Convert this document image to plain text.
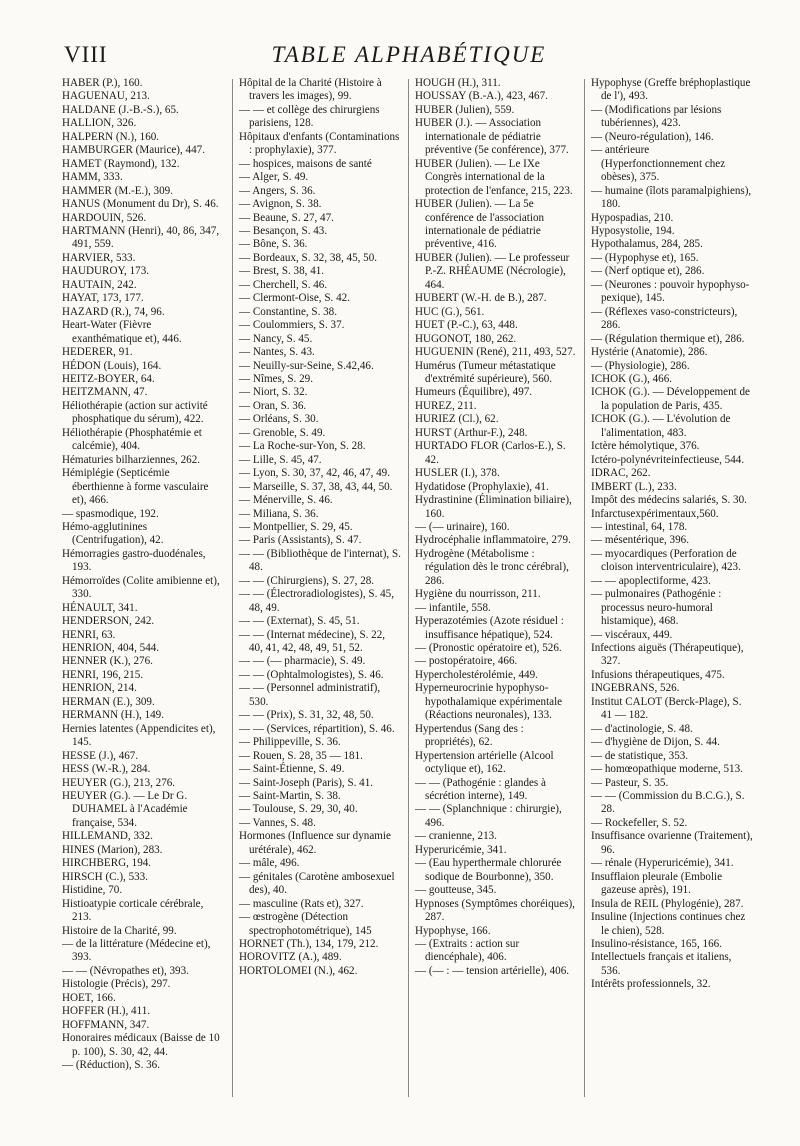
VIII	TABLE ALPHABÉTIQUE

HABER (P.), 160.

HAGUENAU, 213.

HALDANE (J.-B.-S.), 65.

HALLION, 326.

HALPERN (N.), 160.

HAMBURGER (Maurice), 447.

HAMET (Raymond), 132.

HAMM, 333.

HAMMER (M.-E.), 309.

HANUS (Monument du Dr), S. 46.

HARDOUIN, 526.

HARTMANN (Henri), 40, 86, 347, 491, 559.

HARVIER, 533.

HAUDUROY, 173.

HAUTAIN, 242.

HAYAT, 173, 177.

HAZARD (R.), 74, 96.

Heart-Water (Fièvre exanthématique et), 446.

HEDERER, 91.

HÉDON (Louis), 164.

HEITZ-BOYER, 64.

HEITZMANN, 47.

Héliothérapie (action sur activité phosphatique du sérum), 422.

Héliothérapie (Phosphatémie et calcémie), 404.

Hématuries bilharziennes, 262.

Hémiplégie (Septicémie éberthienne à forme vasculaire et), 466.

— spasmodique, 192.

Hémo-agglutinines (Centrifugation), 42.

Hémorragies gastro-duodénales, 193.

Hémorroïdes (Colite amibienne et), 330.

HÉNAULT, 341.

HENDERSON, 242.

HENRI, 63.

HENRION, 404, 544.

HENNER (K.), 276.

HENRI, 196, 215.

HENRION, 214.

HERMAN (E.), 309.

HERMANN (H.), 149.

Hernies latentes (Appendicites et), 145.

HESSE (J.), 467.

HESS (W.-R.), 284.

HEUYER (G.), 213, 276.

HEUYER (G.). — Le Dr G. DUHAMEL à l'Académie française, 534.

HILLEMAND, 332.

HINES (Marion), 283.

HIRCHBERG, 194.

HIRSCH (C.), 533.

Histidine, 70.

Histioatypie corticale cérébrale, 213.

Histoire de la Charité, 99.

— de la littérature (Médecine et), 393.

— — (Névropathes et), 393.

Histologie (Précis), 297.

HOET, 166.

HOFFER (H.), 411.

HOFFMANN, 347.

Honoraires médicaux (Baisse de 10 p. 100), S. 30, 42, 44.

— (Réduction), S. 36.

Hôpital de la Charité (Histoire à travers les images), 99.

— — et collège des chirurgiens parisiens, 128.

Hôpitaux d'enfants (Contaminations : prophylaxie), 377.

— hospices, maisons de santé

— Alger, S. 49.

— Angers, S. 36.

— Avignon, S. 38.

— Beaune, S. 27, 47.

— Besançon, S. 43.

— Bône, S. 36.

— Bordeaux, S. 32, 38, 45, 50.

— Brest, S. 38, 41.

— Cherchell, S. 46.

— Clermont-Oise, S. 42.

— Constantine, S. 38.

— Coulommiers, S. 37.

— Nancy, S. 45.

— Nantes, S. 43.

— Neuilly-sur-Seine, S.42,46.

— Nîmes, S. 29.

— Niort, S. 32.

— Oran, S. 36.

— Orléans, S. 30.

— Grenoble, S. 49.

— La Roche-sur-Yon, S. 28.

— Lille, S. 45, 47.

— Lyon, S. 30, 37, 42, 46, 47, 49.

— Marseille, S. 37, 38, 43, 44, 50.

— Ménerville, S. 46.

— Miliana, S. 36.

— Montpellier, S. 29, 45.

— Paris (Assistants), S. 47.

— — (Bibliothèque de l'internat), S. 48.

— — (Chirurgiens), S. 27, 28.

— — (Électroradiologistes), S. 45, 48, 49.

— — (Externat), S. 45, 51.

— — (Internat médecine), S. 22, 40, 41, 42, 48, 49, 51, 52.

— — (— pharmacie), S. 49.

— — (Ophtalmologistes), S. 46.

— — (Personnel administratif), 530.

— — (Prix), S. 31, 32, 48, 50.

— — (Services, répartition), S. 46.

— Philippeville, S. 36.

— Rouen, S. 28, 35 — 181.

— Saint-Étienne, S. 49.

— Saint-Joseph (Paris), S. 41.

— Saint-Martin, S. 38.

— Toulouse, S. 29, 30, 40.

— Vannes, S. 48.

Hormones (Influence sur dynamie urétérale), 462.

— mâle, 496.

— génitales (Carotène ambosexuel des), 40.

— masculine (Rats et), 327.

— œstrogène (Détection spectrophotométrique), 145

HORNET (Th.), 134, 179, 212.

HOROVITZ (A.), 489.

HORTOLOMEI (N.), 462.

HOUGH (H.), 311.

HOUSSAY (B.-A.), 423, 467.

HUBER (Julien), 559.

HUBER (J.). — Association internationale de pédiatrie préventive (5e conférence), 377.

HUBER (Julien). — Le IXe Congrès international de la protection de l'enfance, 215, 223.

HUBER (Julien). — La 5e conférence de l'association internationale de pédiatrie préventive, 416.

HUBER (Julien). — Le professeur P.-Z. RHÉAUME (Nécrologie), 464.

HUBERT (W.-H. de B.), 287.

HUC (G.), 561.

HUET (P.-C.), 63, 448.

HUGONOT, 180, 262.

HUGUENIN (René), 211, 493, 527.

Humérus (Tumeur métastatique d'extrémité supérieure), 560.

Humeurs (Équilibre), 497.

HUREZ, 211.

HURIEZ (Cl.), 62.

HURST (Arthur-F.), 248.

HURTADO FLOR (Carlos-E.), S. 42.

HUSLER (I.), 378.

Hydatidose (Prophylaxie), 41.

Hydrastinine (Élimination biliaire), 160.

— (— urinaire), 160.

Hydrocéphalie inflammatoire, 279.

Hydrogène (Métabolisme : régulation dès le tronc cérébral), 286.

Hygiène du nourrisson, 211.

— infantile, 558.

Hyperazotémies (Azote résiduel : insuffisance hépatique), 524.

— (Pronostic opératoire et), 526.

— postopératoire, 466.

Hypercholestérolémie, 449.

Hyperneurocrinie hypophyso-hypothalamique expérimentale (Réactions neuronales), 133.

Hypertendus (Sang des : propriétés), 62.

Hypertension artérielle (Alcool octylique et), 162.

— — (Pathogénie : glandes à sécrétion interne), 149.

— — (Splanchnique : chirurgie), 496.

— cranienne, 213.

Hyperuricémie, 341.

— (Eau hyperthermale chlorurée sodique de Bourbonne), 350.

— goutteuse, 345.

Hypnoses (Symptômes choréiques), 287.

Hypophyse, 166.

— (Extraits : action sur diencéphale), 406.

— (— : — tension artérielle), 406.

Hypophyse (Greffe bréphoplastique de l'), 493.

— (Modifications par lésions tubériennes), 423.

— (Neuro-régulation), 146.

— antérieure (Hyperfonctionnement chez obèses), 375.

— humaine (îlots paramalpighiens), 180.

Hypospadias, 210.

Hyposystolie, 194.

Hypothalamus, 284, 285.

— (Hypophyse et), 165.

— (Nerf optique et), 286.

— (Neurones : pouvoir hypophyso-pexique), 145.

— (Réflexes vaso-constricteurs), 286.

— (Régulation thermique et), 286.

Hystérie (Anatomie), 286.

— (Physiologie), 286.

ICHOK (G.), 466.

ICHOK (G.). — Développement de la population de Paris, 435.

ICHOK (G.). — L'évolution de l'alimentation, 483.

Ictère hémolytique, 376.

Ictéro-polynévriteinfectieuse, 544.

IDRAC, 262.

IMBERT (L.), 233.

Impôt des médecins salariés, S. 30.

Infarctusexpérimentaux,560.

— intestinal, 64, 178.

— mésentérique, 396.

— myocardiques (Perforation de cloison interventriculaire), 423.

— — apoplectiforme, 423.

— pulmonaires (Pathogénie : processus neuro-humoral histamique), 468.

— viscéraux, 449.

Infections aiguës (Thérapeutique), 327.

Infusions thérapeutiques, 475.

INGEBRANS, 526.

Institut CALOT (Berck-Plage), S. 41 — 182.

— d'actinologie, S. 48.

— d'hygiène de Dijon, S. 44.

— de statistique, 353.

— homœopathique moderne, 513.

— Pasteur, S. 35.

— — (Commission du B.C.G.), S. 28.

— Rockefeller, S. 52.

Insuffisance ovarienne (Traitement), 96.

— rénale (Hyperuricémie), 341.

Insufflaion pleurale (Embolie gazeuse après), 191.

Insula de REIL (Phylogénie), 287.

Insuline (Injections continues chez le chien), 528.

Insulino-résistance, 165, 166.

Intellectuels français et italiens, 536.

Intérêts professionnels, 32.
